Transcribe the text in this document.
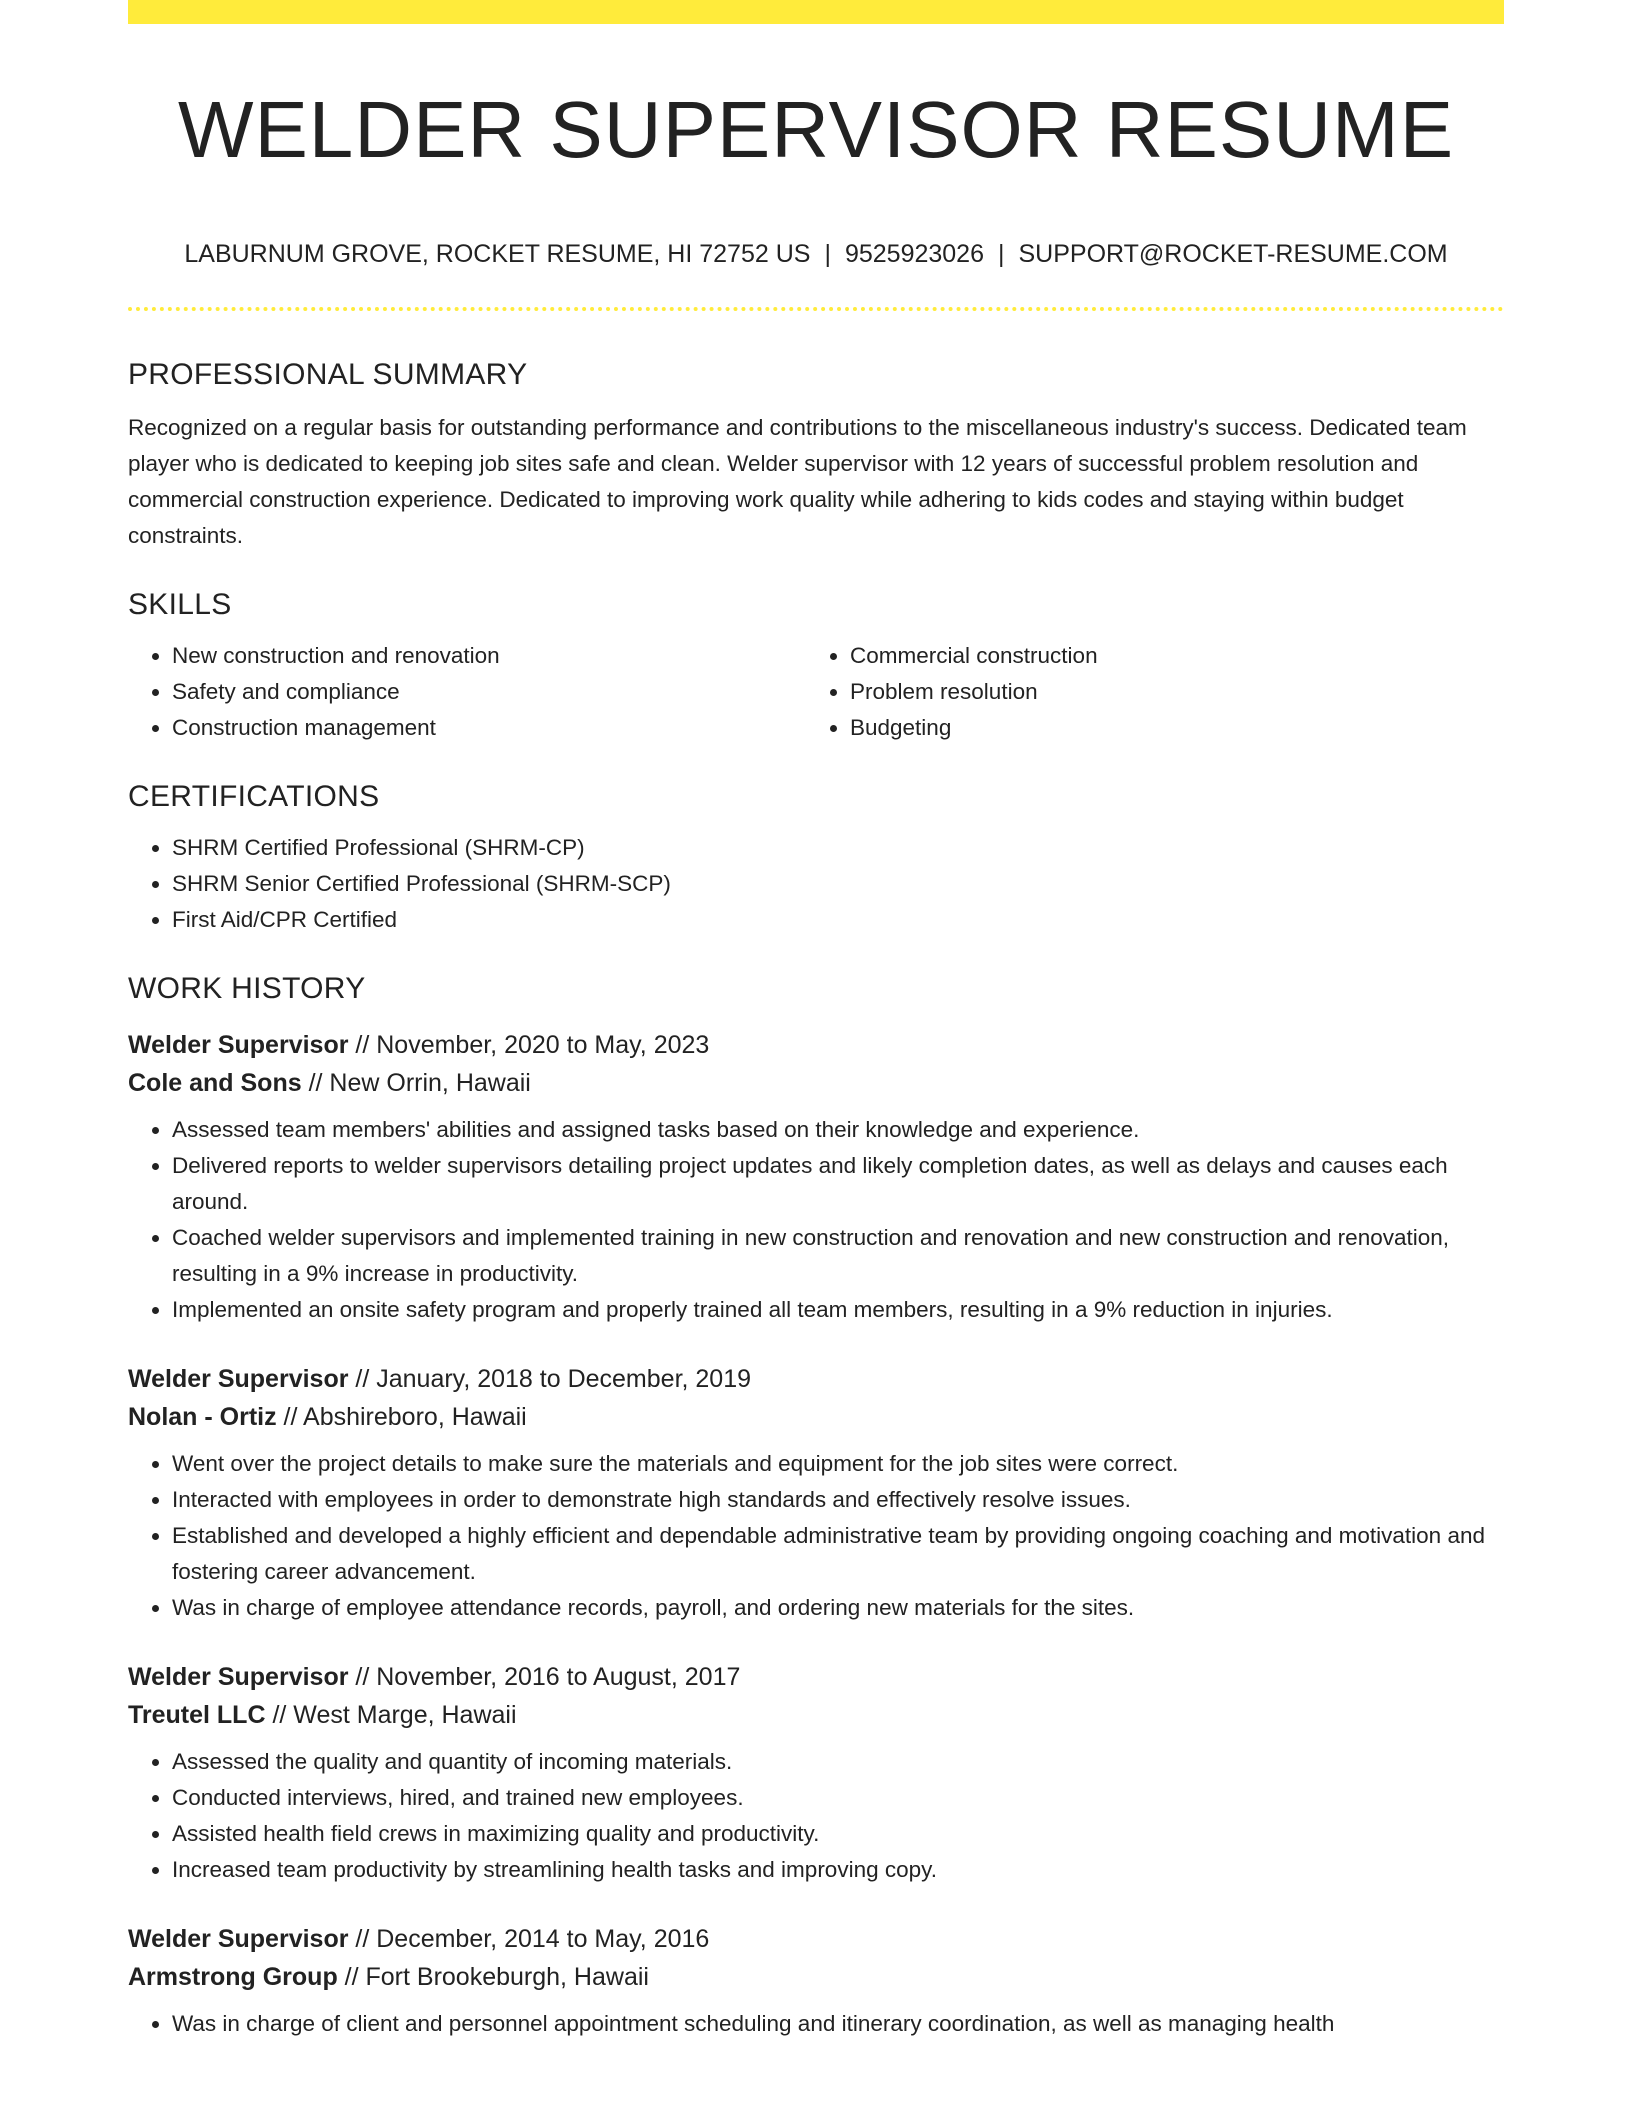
WELDER SUPERVISOR RESUME
LABURNUM GROVE, ROCKET RESUME, HI 72752 US | 9525923026 | SUPPORT@ROCKET-RESUME.COM
PROFESSIONAL SUMMARY

Recognized on a regular basis for outstanding performance and contributions to the miscellaneous industry's success. Dedicated team player who is dedicated to keeping job sites safe and clean. Welder supervisor with 12 years of successful problem resolution and commercial construction experience. Dedicated to improving work quality while adhering to kids codes and staying within budget constraints.

SKILLS
• New construction and renovation
• Safety and compliance
• Construction management
• Commercial construction
• Problem resolution
• Budgeting
CERTIFICATIONS
• SHRM Certified Professional (SHRM-CP)
• SHRM Senior Certified Professional (SHRM-SCP)
• First Aid/CPR Certified
WORK HISTORY
Welder Supervisor // November, 2020 to May, 2023
Cole and Sons // New Orrin, Hawaii
• Assessed team members' abilities and assigned tasks based on their knowledge and experience.
• Delivered reports to welder supervisors detailing project updates and likely completion dates, as well as delays and causes each around.
• Coached welder supervisors and implemented training in new construction and renovation and new construction and renovation, resulting in a 9% increase in productivity.
• Implemented an onsite safety program and properly trained all team members, resulting in a 9% reduction in injuries.
Welder Supervisor // January, 2018 to December, 2019
Nolan - Ortiz // Abshireboro, Hawaii
• Went over the project details to make sure the materials and equipment for the job sites were correct.
• Interacted with employees in order to demonstrate high standards and effectively resolve issues.
• Established and developed a highly efficient and dependable administrative team by providing ongoing coaching and motivation and fostering career advancement.
• Was in charge of employee attendance records, payroll, and ordering new materials for the sites.
Welder Supervisor // November, 2016 to August, 2017
Treutel LLC // West Marge, Hawaii
• Assessed the quality and quantity of incoming materials.
• Conducted interviews, hired, and trained new employees.
• Assisted health field crews in maximizing quality and productivity.
• Increased team productivity by streamlining health tasks and improving copy.
Welder Supervisor // December, 2014 to May, 2016
Armstrong Group // Fort Brookeburgh, Hawaii
• Was in charge of client and personnel appointment scheduling and itinerary coordination, as well as managing health
